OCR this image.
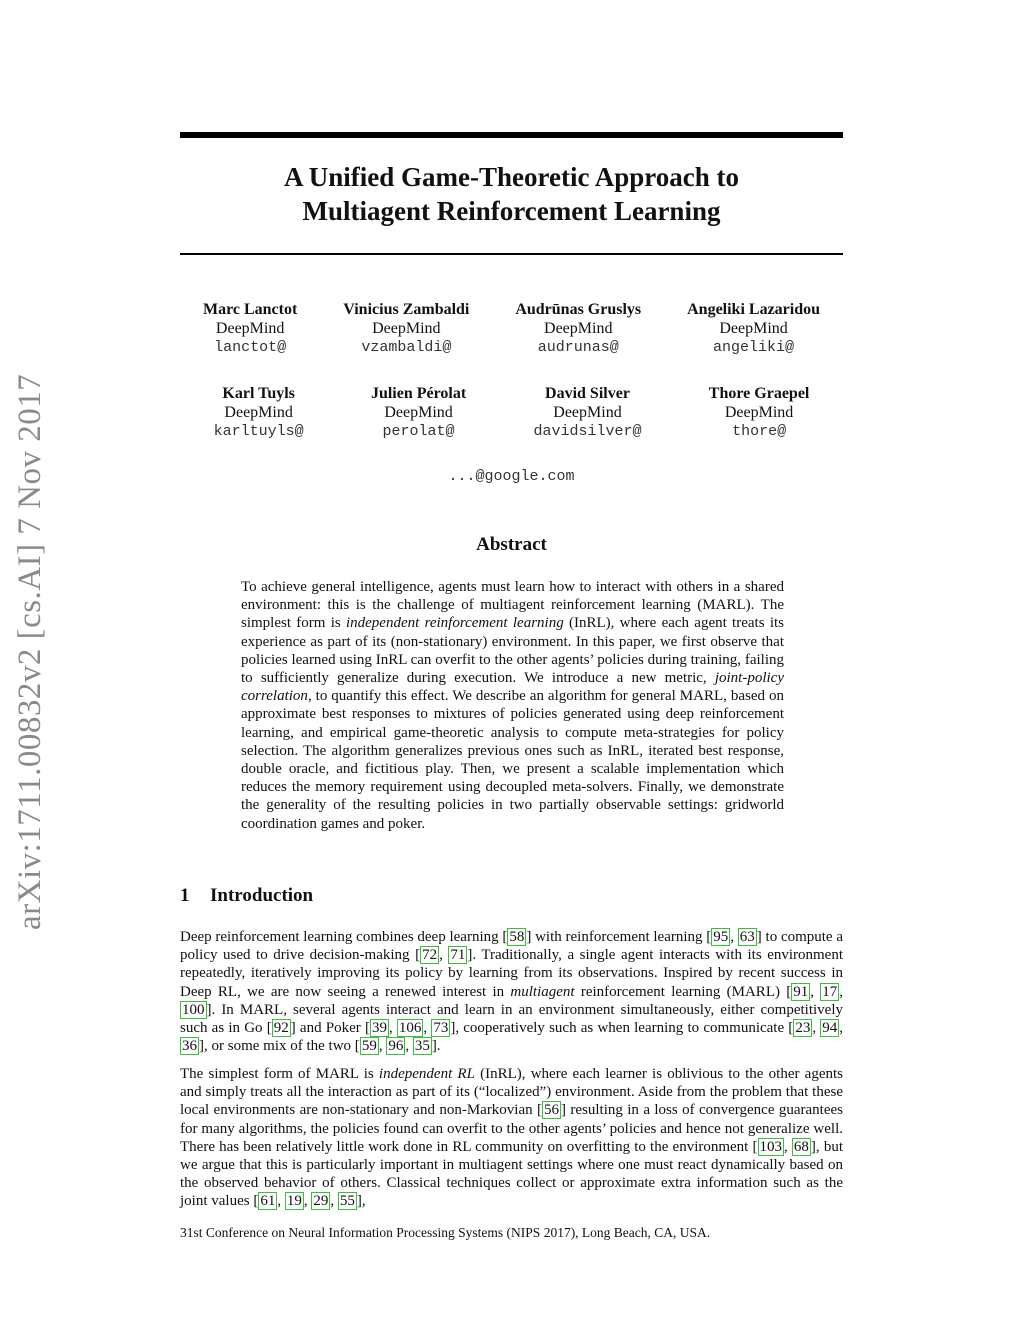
arXiv:1711.00832v2 [cs.AI] 7 Nov 2017
A Unified Game-Theoretic Approach to
Multiagent Reinforcement Learning
Marc Lanctot
DeepMind
lanctot@
Vinicius Zambaldi
DeepMind
vzambaldi@
Audrūnas Gruslys
DeepMind
audrunas@
Angeliki Lazaridou
DeepMind
angeliki@
Karl Tuyls
DeepMind
karltuyls@
Julien Pérolat
DeepMind
perolat@
David Silver
DeepMind
davidsilver@
Thore Graepel
DeepMind
thore@
...@google.com
Abstract
To achieve general intelligence, agents must learn how to interact with others in a shared environment: this is the challenge of multiagent reinforcement learning (MARL). The simplest form is independent reinforcement learning (InRL), where each agent treats its experience as part of its (non-stationary) environment. In this paper, we first observe that policies learned using InRL can overfit to the other agents’ policies during training, failing to sufficiently generalize during execution. We introduce a new metric, joint-policy correlation, to quantify this effect. We describe an algorithm for general MARL, based on approximate best responses to mixtures of policies generated using deep reinforcement learning, and empirical game-theoretic analysis to compute meta-strategies for policy selection. The algorithm generalizes previous ones such as InRL, iterated best response, double oracle, and fictitious play. Then, we present a scalable implementation which reduces the memory requirement using decoupled meta-solvers. Finally, we demonstrate the generality of the resulting policies in two partially observable settings: gridworld coordination games and poker.
1 Introduction
Deep reinforcement learning combines deep learning [ 58 ] with reinforcement learning [ 95 , 63 ] to compute a policy used to drive decision-making [ 72 , 71 ]. Traditionally, a single agent interacts with its environment repeatedly, iteratively improving its policy by learning from its observations. Inspired by recent success in Deep RL, we are now seeing a renewed interest in multiagent reinforcement learning (MARL) [ 91 , 17 , 100 ]. In MARL, several agents interact and learn in an environment simultaneously, either competitively such as in Go [ 92 ] and Poker [ 39 , 106 , 73 ], cooperatively such as when learning to communicate [ 23 , 94 , 36 ], or some mix of the two [ 59 , 96 , 35 ].
The simplest form of MARL is independent RL (InRL), where each learner is oblivious to the other agents and simply treats all the interaction as part of its (“localized”) environment. Aside from the problem that these local environments are non-stationary and non-Markovian [ 56 ] resulting in a loss of convergence guarantees for many algorithms, the policies found can overfit to the other agents’ policies and hence not generalize well. There has been relatively little work done in RL community on overfitting to the environment [ 103 , 68 ], but we argue that this is particularly important in multiagent settings where one must react dynamically based on the observed behavior of others. Classical techniques collect or approximate extra information such as the joint values [ 61 , 19 , 29 , 55 ],
31st Conference on Neural Information Processing Systems (NIPS 2017), Long Beach, CA, USA.
